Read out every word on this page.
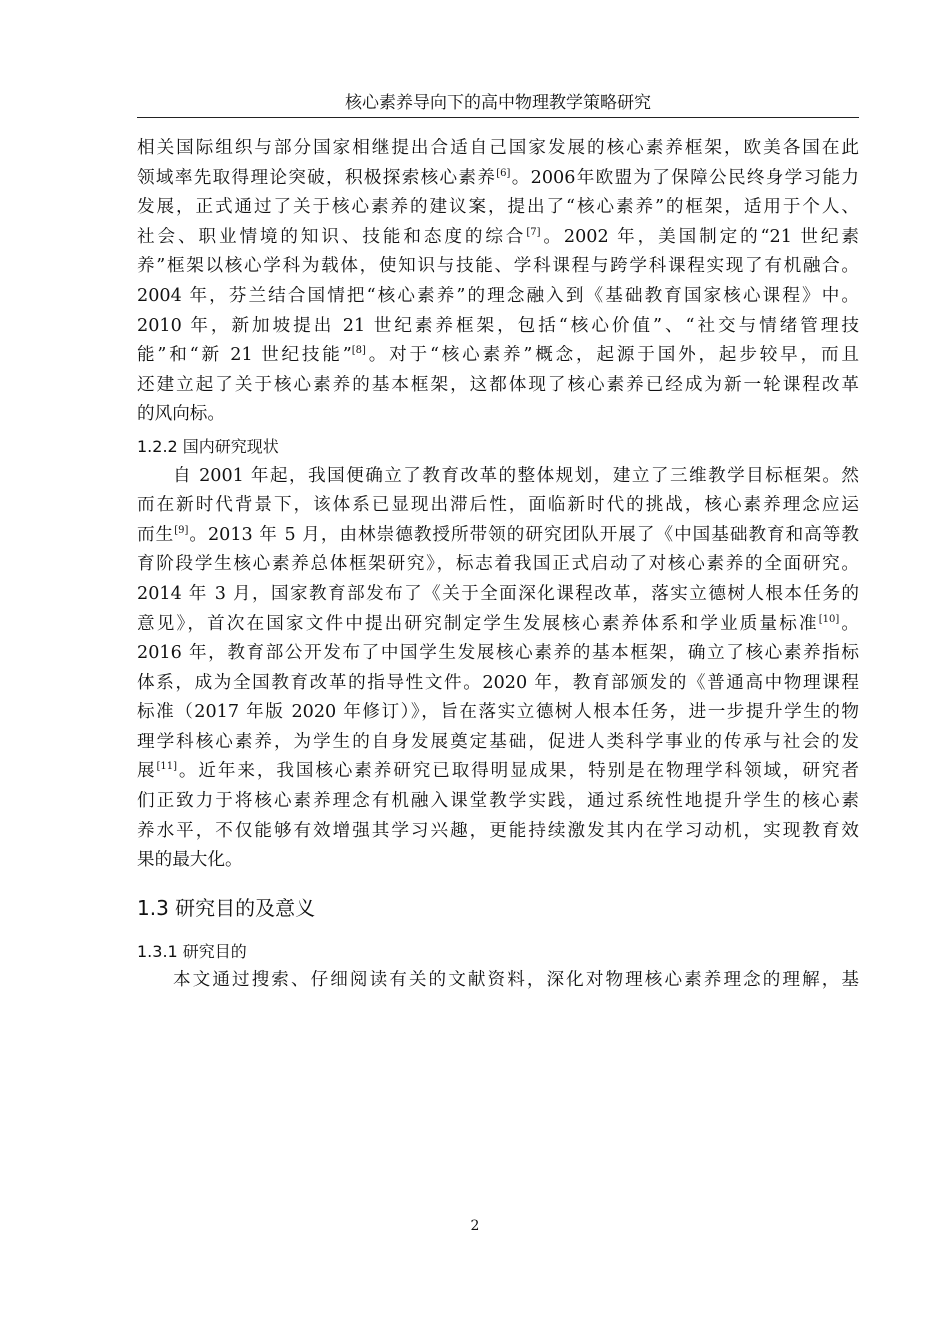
核心素养导向下的高中物理教学策略研究
相关国际组织与部分国家相继提出合适自己国家发展的核心素养框架，欧美各国在此
领域率先取得理论突破，积极探索核心素养[6]。2006年欧盟为了保障公民终身学习能力
发展，正式通过了关于核心素养的建议案，提出了“核心素养”的框架，适用于个人、
社会、职业情境的知识、技能和态度的综合[7]。2002 年，美国制定的“21 世纪素
养”框架以核心学科为载体，使知识与技能、学科课程与跨学科课程实现了有机融合。
2004 年，芬兰结合国情把“核心素养”的理念融入到《基础教育国家核心课程》中。
2010 年，新加坡提出 21 世纪素养框架，包括“核心价值”、“社交与情绪管理技
能”和“新 21 世纪技能”[8]。对于“核心素养”概念，起源于国外，起步较早，而且
还建立起了关于核心素养的基本框架，这都体现了核心素养已经成为新一轮课程改革
的风向标。
1.2.2 国内研究现状
自 2001 年起，我国便确立了教育改革的整体规划，建立了三维教学目标框架。然
而在新时代背景下，该体系已显现出滞后性，面临新时代的挑战，核心素养理念应运
而生[9]。2013 年 5 月，由林崇德教授所带领的研究团队开展了《中国基础教育和高等教
育阶段学生核心素养总体框架研究》，标志着我国正式启动了对核心素养的全面研究。
2014 年 3 月，国家教育部发布了《关于全面深化课程改革，落实立德树人根本任务的
意见》，首次在国家文件中提出研究制定学生发展核心素养体系和学业质量标准[10]。
2016 年，教育部公开发布了中国学生发展核心素养的基本框架，确立了核心素养指标
体系，成为全国教育改革的指导性文件。2020 年，教育部颁发的《普通高中物理课程
标准（2017 年版 2020 年修订）》，旨在落实立德树人根本任务，进一步提升学生的物
理学科核心素养，为学生的自身发展奠定基础，促进人类科学事业的传承与社会的发
展[11]。近年来，我国核心素养研究已取得明显成果，特别是在物理学科领域，研究者
们正致力于将核心素养理念有机融入课堂教学实践，通过系统性地提升学生的核心素
养水平，不仅能够有效增强其学习兴趣，更能持续激发其内在学习动机，实现教育效
果的最大化。
1.3 研究目的及意义
1.3.1 研究目的
本文通过搜索、仔细阅读有关的文献资料，深化对物理核心素养理念的理解，基
2
